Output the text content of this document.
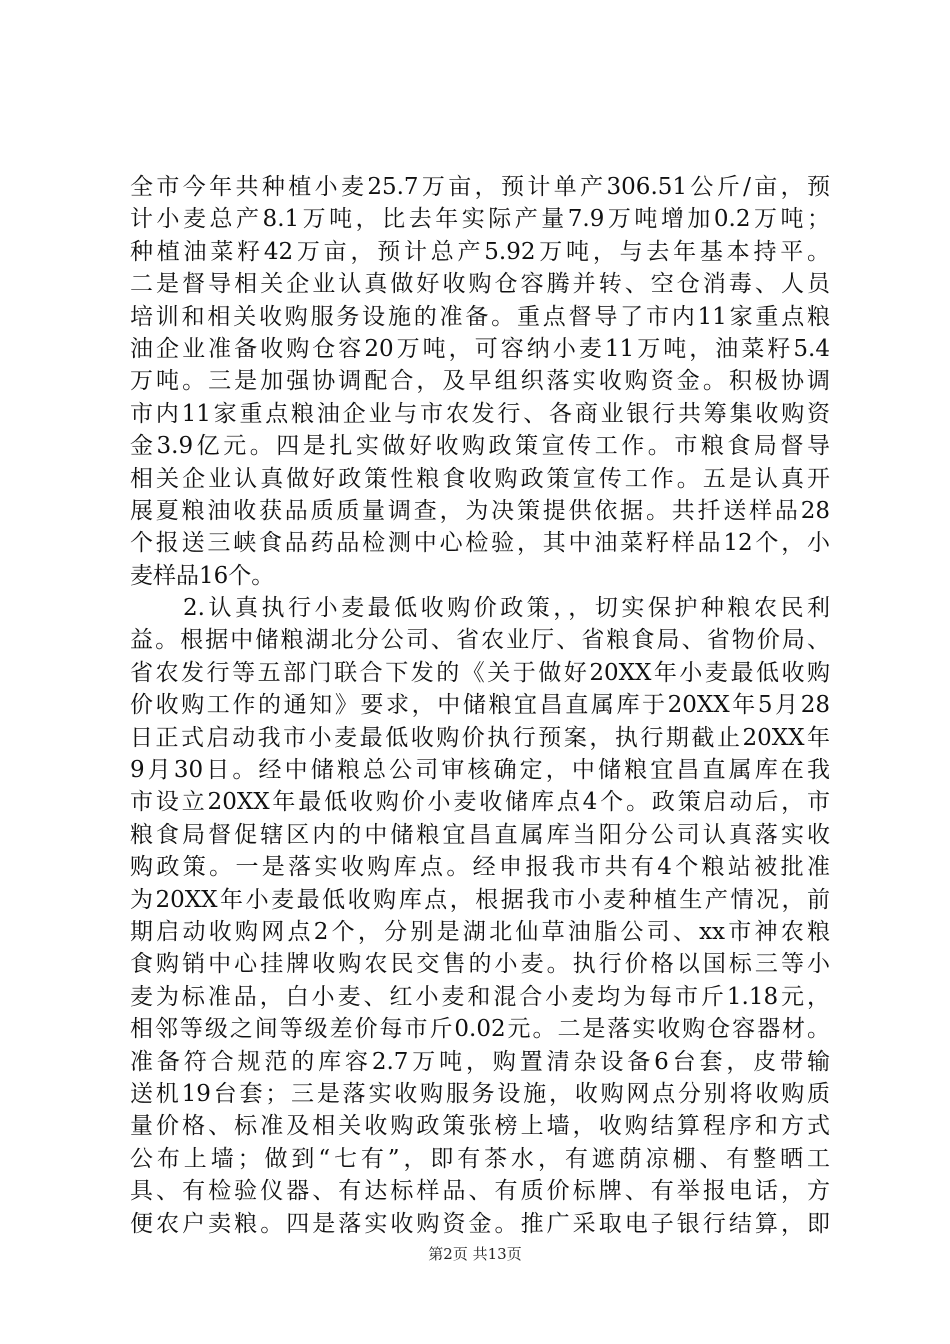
全市今年共种植小麦25.7万亩，预计单产306.51公斤/亩，预
计小麦总产8.1万吨，比去年实际产量7.9万吨增加0.2万吨；
种植油菜籽42万亩，预计总产5.92万吨，与去年基本持平。
二是督导相关企业认真做好收购仓容腾并转、空仓消毒、人员
培训和相关收购服务设施的准备。重点督导了市内11家重点粮
油企业准备收购仓容20万吨，可容纳小麦11万吨，油菜籽5.4
万吨。三是加强协调配合，及早组织落实收购资金。积极协调
市内11家重点粮油企业与市农发行、各商业银行共筹集收购资
金3.9亿元。四是扎实做好收购政策宣传工作。市粮食局督导
相关企业认真做好政策性粮食收购政策宣传工作。五是认真开
展夏粮油收获品质质量调查，为决策提供依据。共扦送样品28
个报送三峡食品药品检测中心检验，其中油菜籽样品12个，小
麦样品16个。
　　2.认真执行小麦最低收购价政策，，切实保护种粮农民利
益。根据中储粮湖北分公司、省农业厅、省粮食局、省物价局、
省农发行等五部门联合下发的《关于做好20XX年小麦最低收购
价收购工作的通知》要求，中储粮宜昌直属库于20XX年5月28
日正式启动我市小麦最低收购价执行预案，执行期截止20XX年
9月30日。经中储粮总公司审核确定，中储粮宜昌直属库在我
市设立20XX年最低收购价小麦收储库点4个。政策启动后，市
粮食局督促辖区内的中储粮宜昌直属库当阳分公司认真落实收
购政策。一是落实收购库点。经申报我市共有4个粮站被批准
为20XX年小麦最低收购库点，根据我市小麦种植生产情况，前
期启动收购网点2个，分别是湖北仙草油脂公司、xx市神农粮
食购销中心挂牌收购农民交售的小麦。执行价格以国标三等小
麦为标准品，白小麦、红小麦和混合小麦均为每市斤1.18元，
相邻等级之间等级差价每市斤0.02元。二是落实收购仓容器材。
准备符合规范的库容2.7万吨，购置清杂设备6台套，皮带输
送机19台套；三是落实收购服务设施，收购网点分别将收购质
量价格、标准及相关收购政策张榜上墙，收购结算程序和方式
公布上墙；做到“七有”，即有茶水，有遮荫凉棚、有整晒工
具、有检验仪器、有达标样品、有质价标牌、有举报电话，方
便农户卖粮。四是落实收购资金。推广采取电子银行结算，即
第2页 共13页
